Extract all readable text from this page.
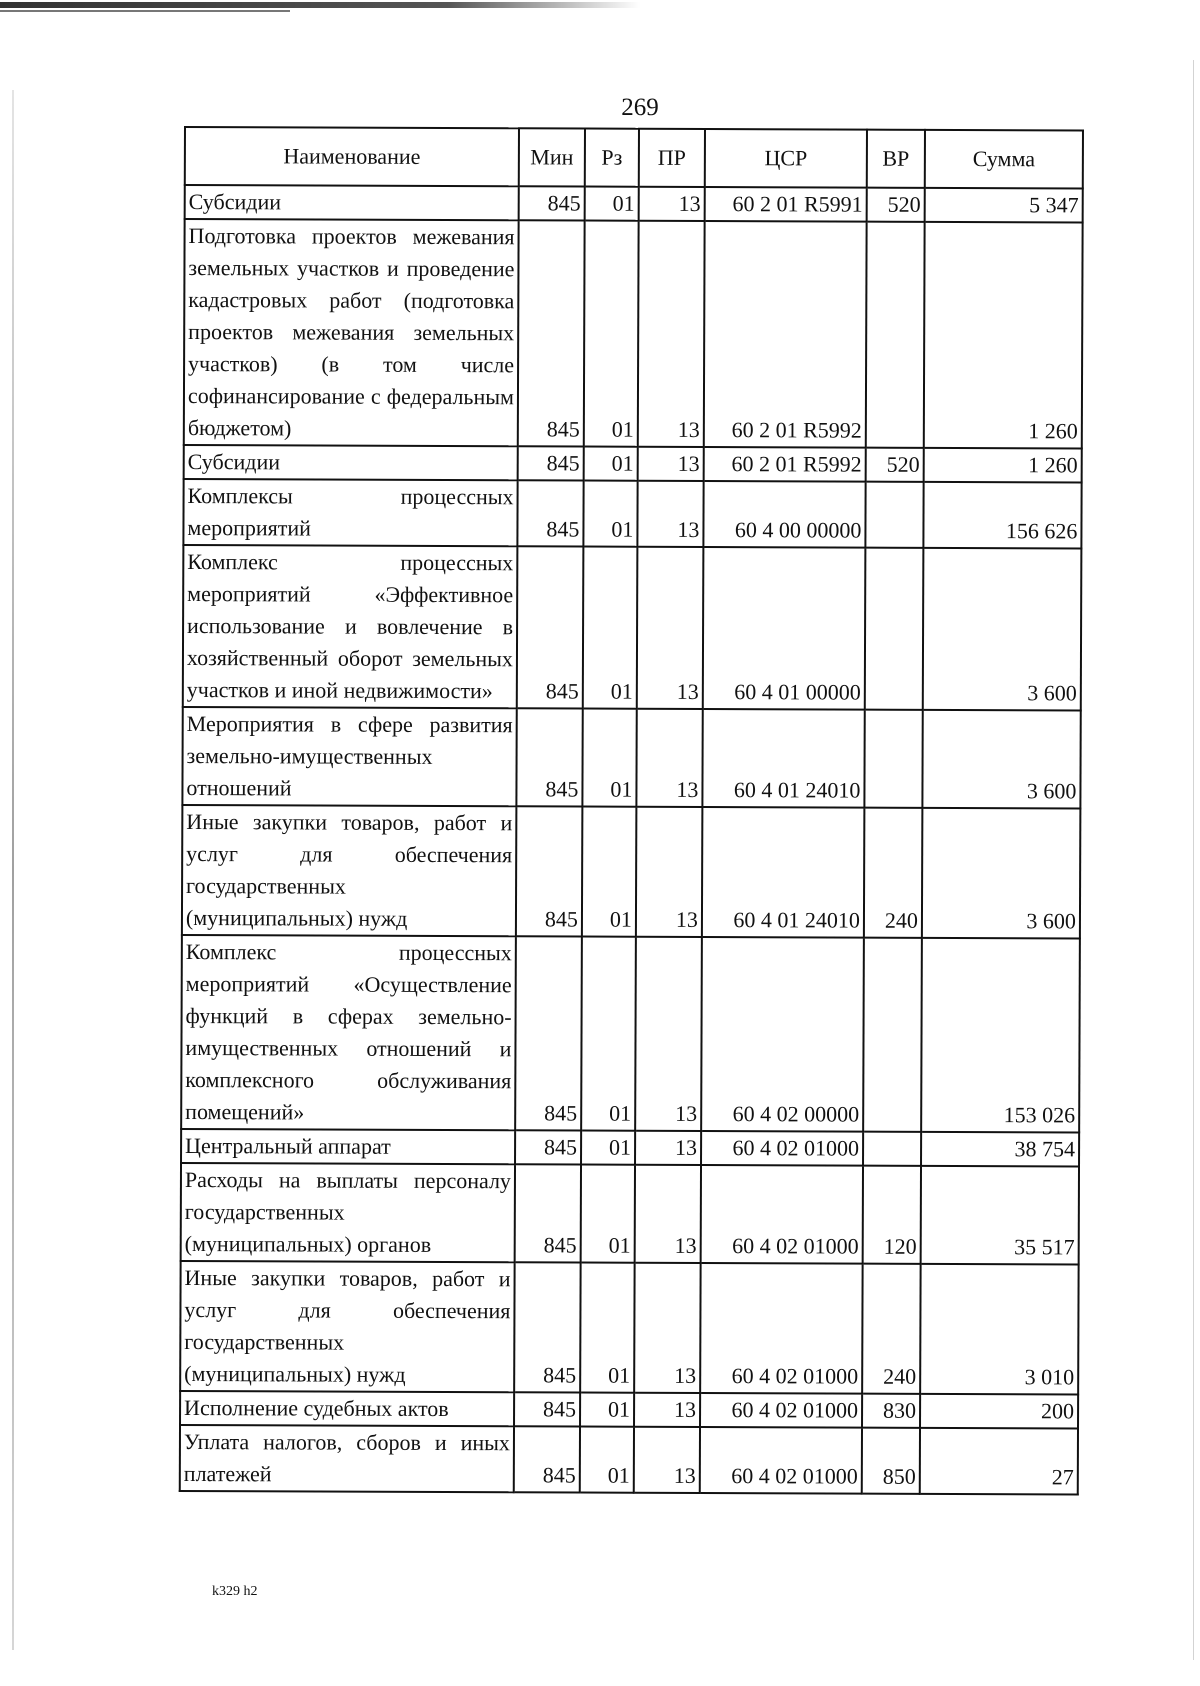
269
Наименование	Мин	Рз	ПР	ЦСР	ВР	Сумма
Субсидии	845	01	13	60 2 01 R5991	520	5 347
Подготовка проектов межевания земельных участков и проведение кадастровых работ (подготовка проектов межевания земельных участков) (в том числе софинансирование с федеральным бюджетом)	845	01	13	60 2 01 R5992		1 260
Субсидии	845	01	13	60 2 01 R5992	520	1 260
Комплексы процессных мероприятий	845	01	13	60 4 00 00000		156 626
Комплекс процессных мероприятий «Эффективное использование и вовлечение в хозяйственный оборот земельных участков и иной недвижимости»	845	01	13	60 4 01 00000		3 600
Мероприятия в сфере развития земельно-имущественных отношений	845	01	13	60 4 01 24010		3 600
Иные закупки товаров, работ и услуг для обеспечения государственных (муниципальных) нужд	845	01	13	60 4 01 24010	240	3 600
Комплекс процессных мероприятий «Осуществление функций в сферах земельно-имущественных отношений и комплексного обслуживания помещений»	845	01	13	60 4 02 00000		153 026
Центральный аппарат	845	01	13	60 4 02 01000		38 754
Расходы на выплаты персоналу государственных (муниципальных) органов	845	01	13	60 4 02 01000	120	35 517
Иные закупки товаров, работ и услуг для обеспечения государственных (муниципальных) нужд	845	01	13	60 4 02 01000	240	3 010
Исполнение судебных актов	845	01	13	60 4 02 01000	830	200
Уплата налогов, сборов и иных платежей	845	01	13	60 4 02 01000	850	27
k329 h2
